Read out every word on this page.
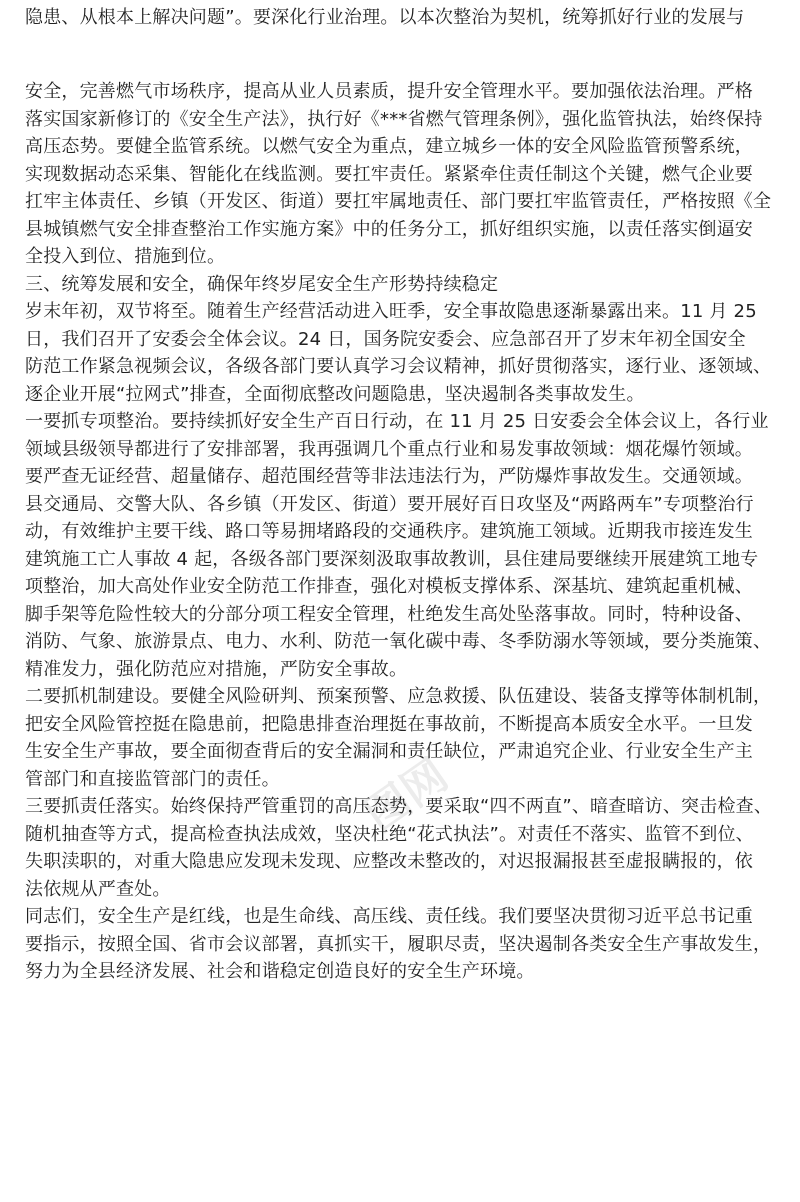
图网
隐患、从根本上解决问题”。要深化行业治理。以本次整治为契机，统筹抓好行业的发展与
安全，完善燃气市场秩序，提高从业人员素质，提升安全管理水平。要加强依法治理。严格
落实国家新修订的《安全生产法》，执行好《***省燃气管理条例》，强化监管执法，始终保持
高压态势。要健全监管系统。以燃气安全为重点，建立城乡一体的安全风险监管预警系统，
实现数据动态采集、智能化在线监测。要扛牢责任。紧紧牵住责任制这个关键，燃气企业要
扛牢主体责任、乡镇（开发区、街道）要扛牢属地责任、部门要扛牢监管责任，严格按照《全
县城镇燃气安全排查整治工作实施方案》中的任务分工，抓好组织实施，以责任落实倒逼安
全投入到位、措施到位。
三、统筹发展和安全，确保年终岁尾安全生产形势持续稳定
岁末年初，双节将至。随着生产经营活动进入旺季，安全事故隐患逐渐暴露出来。11 月 25
日，我们召开了安委会全体会议。24 日，国务院安委会、应急部召开了岁末年初全国安全
防范工作紧急视频会议，各级各部门要认真学习会议精神，抓好贯彻落实，逐行业、逐领域、
逐企业开展“拉网式”排查，全面彻底整改问题隐患，坚决遏制各类事故发生。
一要抓专项整治。要持续抓好安全生产百日行动，在 11 月 25 日安委会全体会议上，各行业
领域县级领导都进行了安排部署，我再强调几个重点行业和易发事故领域：烟花爆竹领域。
要严查无证经营、超量储存、超范围经营等非法违法行为，严防爆炸事故发生。交通领域。
县交通局、交警大队、各乡镇（开发区、街道）要开展好百日攻坚及“两路两车”专项整治行
动，有效维护主要干线、路口等易拥堵路段的交通秩序。建筑施工领域。近期我市接连发生
建筑施工亡人事故 4 起，各级各部门要深刻汲取事故教训，县住建局要继续开展建筑工地专
项整治，加大高处作业安全防范工作排查，强化对模板支撑体系、深基坑、建筑起重机械、
脚手架等危险性较大的分部分项工程安全管理，杜绝发生高处坠落事故。同时，特种设备、
消防、气象、旅游景点、电力、水利、防范一氧化碳中毒、冬季防溺水等领域，要分类施策、
精准发力，强化防范应对措施，严防安全事故。
二要抓机制建设。要健全风险研判、预案预警、应急救援、队伍建设、装备支撑等体制机制，
把安全风险管控挺在隐患前，把隐患排查治理挺在事故前，不断提高本质安全水平。一旦发
生安全生产事故，要全面彻查背后的安全漏洞和责任缺位，严肃追究企业、行业安全生产主
管部门和直接监管部门的责任。
三要抓责任落实。始终保持严管重罚的高压态势，要采取“四不两直”、暗查暗访、突击检查、
随机抽查等方式，提高检查执法成效，坚决杜绝“花式执法”。对责任不落实、监管不到位、
失职渎职的，对重大隐患应发现未发现、应整改未整改的，对迟报漏报甚至虚报瞒报的，依
法依规从严查处。
同志们，安全生产是红线，也是生命线、高压线、责任线。我们要坚决贯彻习近平总书记重
要指示，按照全国、省市会议部署，真抓实干，履职尽责，坚决遏制各类安全生产事故发生，
努力为全县经济发展、社会和谐稳定创造良好的安全生产环境。
